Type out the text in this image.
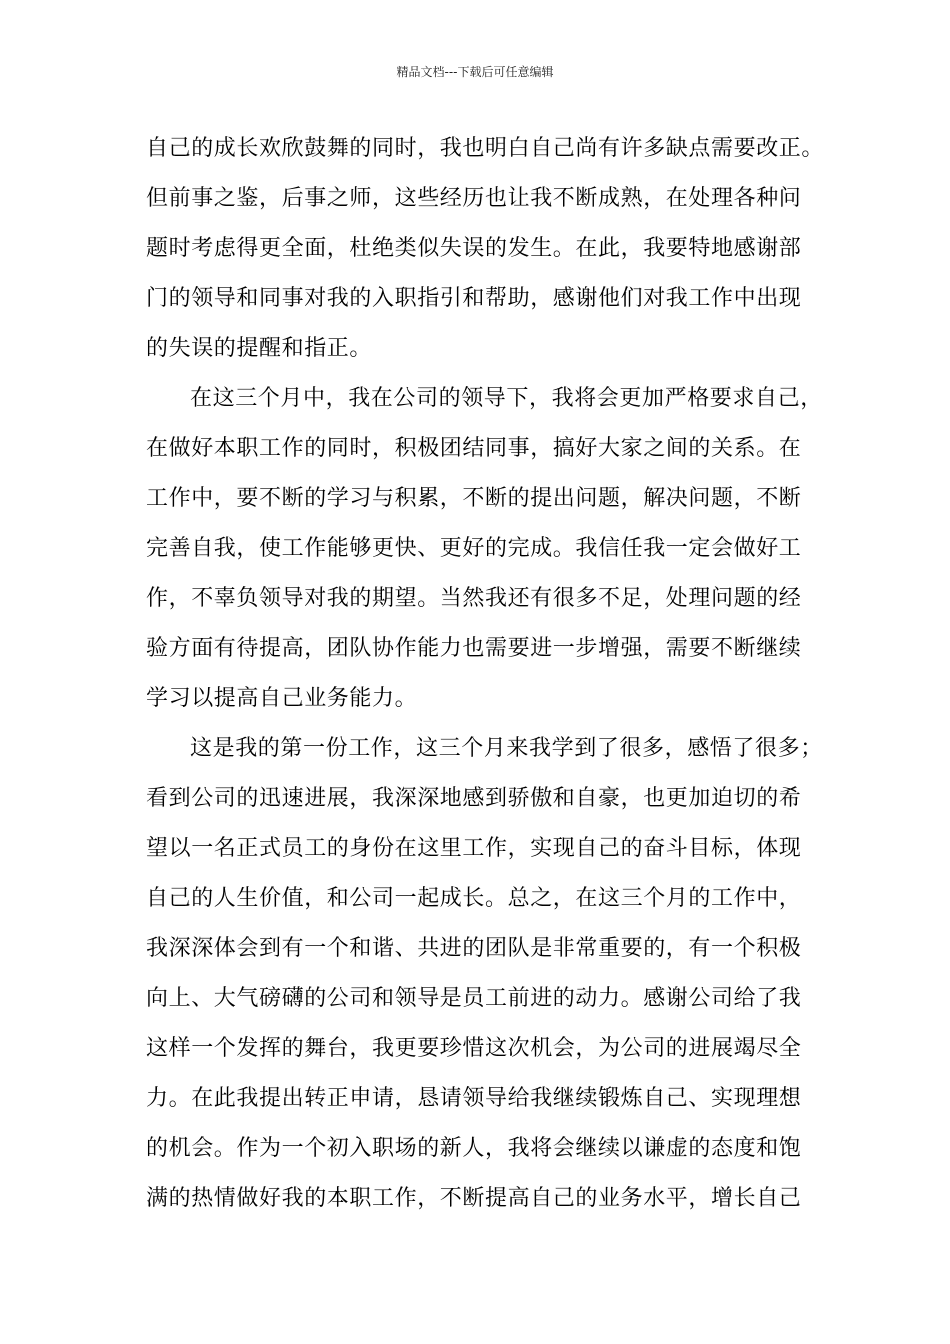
精品文档---下载后可任意编辑
自己的成长欢欣鼓舞的同时，我也明白自己尚有许多缺点需要改正。
但前事之鉴，后事之师，这些经历也让我不断成熟，在处理各种问
题时考虑得更全面，杜绝类似失误的发生。在此，我要特地感谢部
门的领导和同事对我的入职指引和帮助，感谢他们对我工作中出现
的失误的提醒和指正。
在这三个月中，我在公司的领导下，我将会更加严格要求自己，
在做好本职工作的同时，积极团结同事，搞好大家之间的关系。在
工作中，要不断的学习与积累，不断的提出问题，解决问题，不断
完善自我，使工作能够更快、更好的完成。我信任我一定会做好工
作，不辜负领导对我的期望。当然我还有很多不足，处理问题的经
验方面有待提高，团队协作能力也需要进一步增强，需要不断继续
学习以提高自己业务能力。
这是我的第一份工作，这三个月来我学到了很多，感悟了很多；
看到公司的迅速进展，我深深地感到骄傲和自豪，也更加迫切的希
望以一名正式员工的身份在这里工作，实现自己的奋斗目标，体现
自己的人生价值，和公司一起成长。总之，在这三个月的工作中，
我深深体会到有一个和谐、共进的团队是非常重要的，有一个积极
向上、大气磅礴的公司和领导是员工前进的动力。感谢公司给了我
这样一个发挥的舞台，我更要珍惜这次机会，为公司的进展竭尽全
力。在此我提出转正申请，恳请领导给我继续锻炼自己、实现理想
的机会。作为一个初入职场的新人，我将会继续以谦虚的态度和饱
满的热情做好我的本职工作，不断提高自己的业务水平，增长自己
